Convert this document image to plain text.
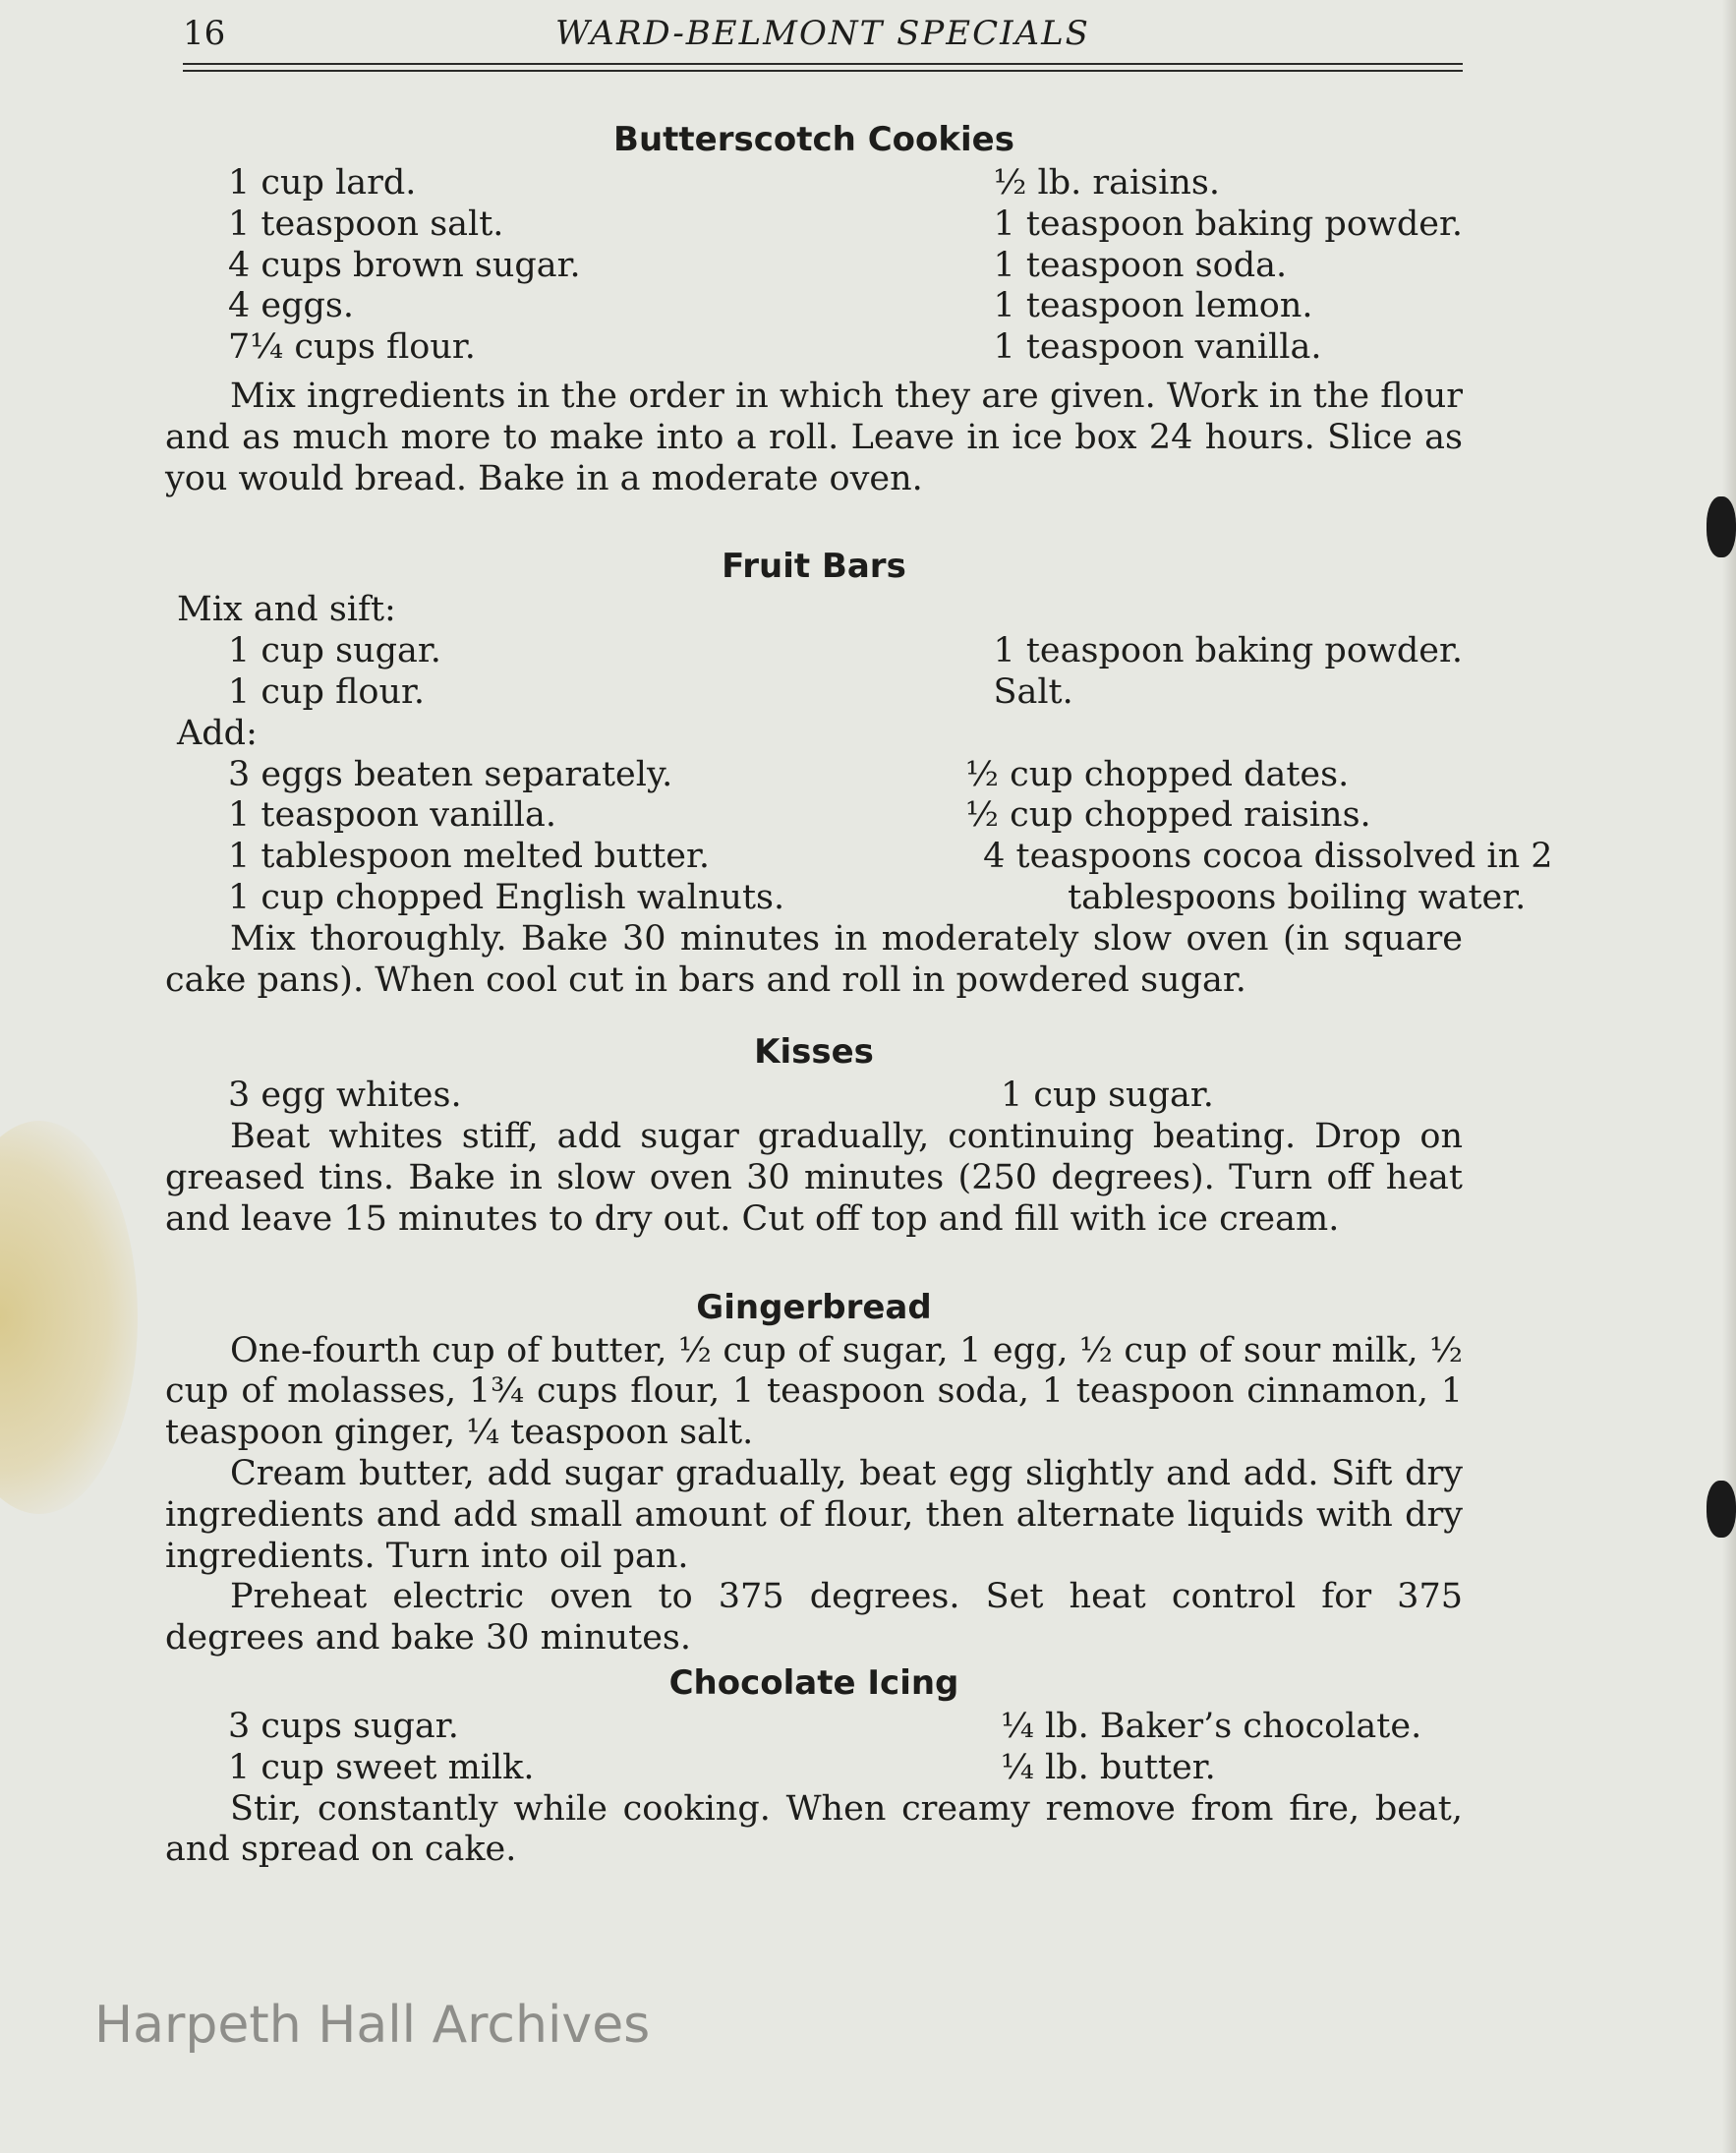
16	WARD-BELMONT SPECIALS
Butterscotch Cookies
1 cup lard.
1 teaspoon salt.
4 cups brown sugar.
4 eggs.
7¼ cups flour.
½ lb. raisins.
1 teaspoon baking powder.
1 teaspoon soda.
1 teaspoon lemon.
1 teaspoon vanilla.

Mix ingredients in the order in which they are given. Work in the flour and as much more to make into a roll. Leave in ice box 24 hours. Slice as you would bread. Bake in a moderate oven.

Fruit Bars
Mix and sift:
1 cup sugar.
1 cup flour.
1 teaspoon baking powder.
Salt.
Add:
3 eggs beaten separately.
1 teaspoon vanilla.
1 tablespoon melted butter.
1 cup chopped English walnuts.
½ cup chopped dates.
½ cup chopped raisins.
4 teaspoons cocoa dissolved in 2
tablespoons boiling water.

Mix thoroughly. Bake 30 minutes in moderately slow oven (in square cake pans). When cool cut in bars and roll in powdered sugar.

Kisses
3 egg whites.	1 cup sugar.

Beat whites stiff, add sugar gradually, continuing beating. Drop on greased tins. Bake in slow oven 30 minutes (250 degrees). Turn off heat and leave 15 minutes to dry out. Cut off top and fill with ice cream.

Gingerbread

One-fourth cup of butter, ½ cup of sugar, 1 egg, ½ cup of sour milk, ½ cup of molasses, 1¾ cups flour, 1 teaspoon soda, 1 teaspoon cinnamon, 1 teaspoon ginger, ¼ teaspoon salt.

Cream butter, add sugar gradually, beat egg slightly and add. Sift dry ingredients and add small amount of flour, then alternate liquids with dry ingredients. Turn into oil pan.

Preheat electric oven to 375 degrees. Set heat control for 375 degrees and bake 30 minutes.

Chocolate Icing
3 cups sugar.
1 cup sweet milk.
¼ lb. Baker’s chocolate.
¼ lb. butter.

Stir, constantly while cooking. When creamy remove from fire, beat, and spread on cake.

Harpeth Hall Archives
